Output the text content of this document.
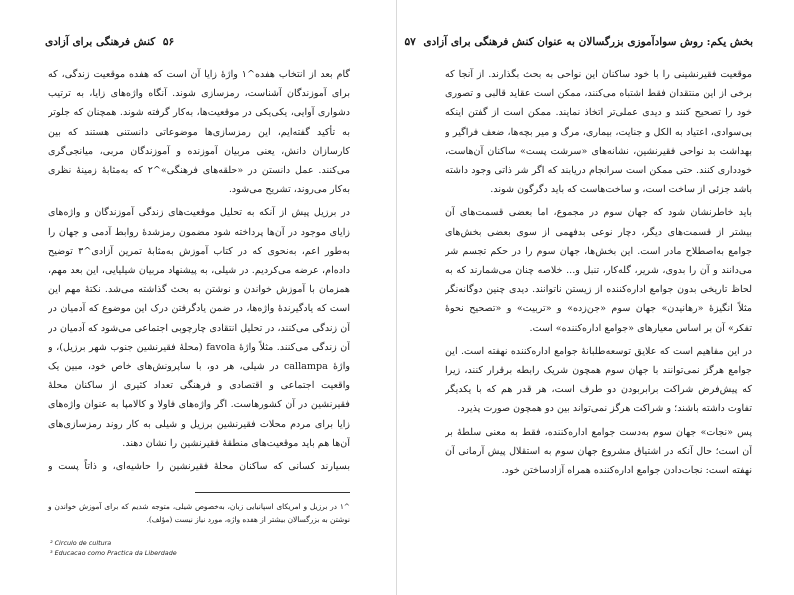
۵۶ کنش فرهنگی برای آزادی

گام بعد از انتخاب هفده^۱ واژهٔ زایا آن است که هفده موقعیت زندگی، که برای آموزندگان آشناست، رمزسازی شوند. آنگاه واژه‌های زایا، به ترتیب دشواری آوایی، یکی‌یکی در موقعیت‌ها، به‌کار گرفته شوند. همچنان که جلوتر به تأکید گفته‌ایم، این رمزسازی‌ها موضوعاتی دانستنی هستند که بین کارسازان دانش، یعنی مربیان آموزنده و آموزندگان مربی، میانجی‌گری می‌کنند. عمل دانستن در «حلقه‌های فرهنگی»^۲ که به‌مثابهٔ زمینهٔ نظری به‌کار می‌روند، تشریح می‌شود.

در برزیل پیش از آنکه به تحلیل موقعیت‌های زندگی آموزندگان و واژه‌های زایای موجود در آن‌ها پرداخته شود مضمون رمزشدهٔ روابط آدمی و جهان را به‌طور اعم، به‌نحوی که در کتاب آموزش به‌مثابهٔ تمرین آزادی^۳ توضیح داده‌ام، عرضه می‌کردیم. در شیلی، به پیشنهاد مربیان شیلیایی، این بعد مهم، همزمان با آموزش خواندن و نوشتن به بحث گذاشته می‌شد. نکتهٔ مهم این است که یادگیرندهٔ واژه‌ها، در ضمن یادگرفتن درک این موضوع که آدمیان در آن زندگی می‌کنند، در تحلیل انتقادی چارچوبی اجتماعی می‌شود که آدمیان در آن زندگی می‌کنند. مثلاً واژهٔ favola (محلهٔ فقیرنشین جنوب شهر برزیل)، و واژهٔ callampa در شیلی، هر دو، با ساپرونش‌های خاص خود، مبین یک واقعیت اجتماعی و اقتصادی و فرهنگی تعداد کثیری از ساکنان محلهٔ فقیرنشین در آن کشورهاست. اگر واژه‌های فاولا و کالامپا به عنوان واژه‌های زایا برای مردم محلات فقیرنشین برزیل و شیلی به کار روند رمزسازی‌های آن‌ها هم باید موقعیت‌های منطقهٔ فقیرنشین را نشان دهند.

بسیارند کسانی که ساکنان محلهٔ فقیرنشین را حاشیه‌ای، و ذاتاً پست و

^۱ در برزیل و امریکای اسپانیایی زبان، به‌خصوص شیلی، متوجه شدیم که برای آموزش خواندن و نوشتن به بزرگسالان بیشتر از هفده واژه، مورد نیاز نیست (مؤلف).
² Circulo de cultura
³ Educacao como Practica da Liberdade
بخش یکم: روش سوادآموزی بزرگسالان به عنوان کنش فرهنگی برای آزادی ۵۷

موقعیت فقیرنشینی را با خود ساکنان این نواحی به بحث بگذارند. از آنجا که برخی از این منتقدان فقط اشتباه می‌کنند، ممکن است عقاید قالبی و تصوری خود را تصحیح کنند و دیدی عملی‌تر اتخاذ نمایند. ممکن است از گفتن اینکه بی‌سوادی، اعتیاد به الکل و جنایت، بیماری، مرگ و میر بچه‌ها، ضعف فراگیر و بهداشت بد نواحی فقیرنشین، نشانه‌های «سرشت پست» ساکنان آن‌هاست، خودداری کنند. حتی ممکن است سرانجام دریابند که اگر شر ذاتی وجود داشته باشد جزئی از ساخت است، و ساخت‌هاست که باید دگرگون شوند.

باید خاطرنشان شود که جهان سوم در مجموع، اما بعضی قسمت‌های آن بیشتر از قسمت‌های دیگر، دچار نوعی بدفهمی از سوی بعضی بخش‌های جوامع به‌اصطلاح مادر است. این بخش‌ها، جهان سوم را در حکم تجسم شر می‌دانند و آن را بدوی، شریر، گله‌کار، تنبل و... خلاصه چنان می‌شمارند که به لحاظ تاریخی بدون جوامع اداره‌کننده از زیستن ناتوانند. دیدی چنین دوگانه‌نگر مثلاً انگیزهٔ «رهانیدن» جهان سوم «جن‌زده» و «تربیت» و «تصحیح نحوهٔ تفکر» آن بر اساس معیارهای «جوامع اداره‌کننده» است.

در این مفاهیم است که علایق توسعه‌طلبانهٔ جوامع اداره‌کننده نهفته است. این جوامع هرگز نمی‌توانند با جهان سوم همچون شریک رابطه برقرار کنند، زیرا که پیش‌فرض شراکت برابربودن دو طرف است، هر قدر هم که با یکدیگر تفاوت داشته باشند؛ و شراکت هرگز نمی‌تواند بین دو همچون صورت پذیرد.

پس «نجات» جهان سوم به‌دست جوامع اداره‌کننده، فقط به معنی سلطهٔ بر آن است؛ حال آنکه در اشتیاق مشروع جهان سوم به استقلال پیش آرمانی آن نهفته است: نجات‌دادن جوامع اداره‌کننده همراه آزادساختن خود.
